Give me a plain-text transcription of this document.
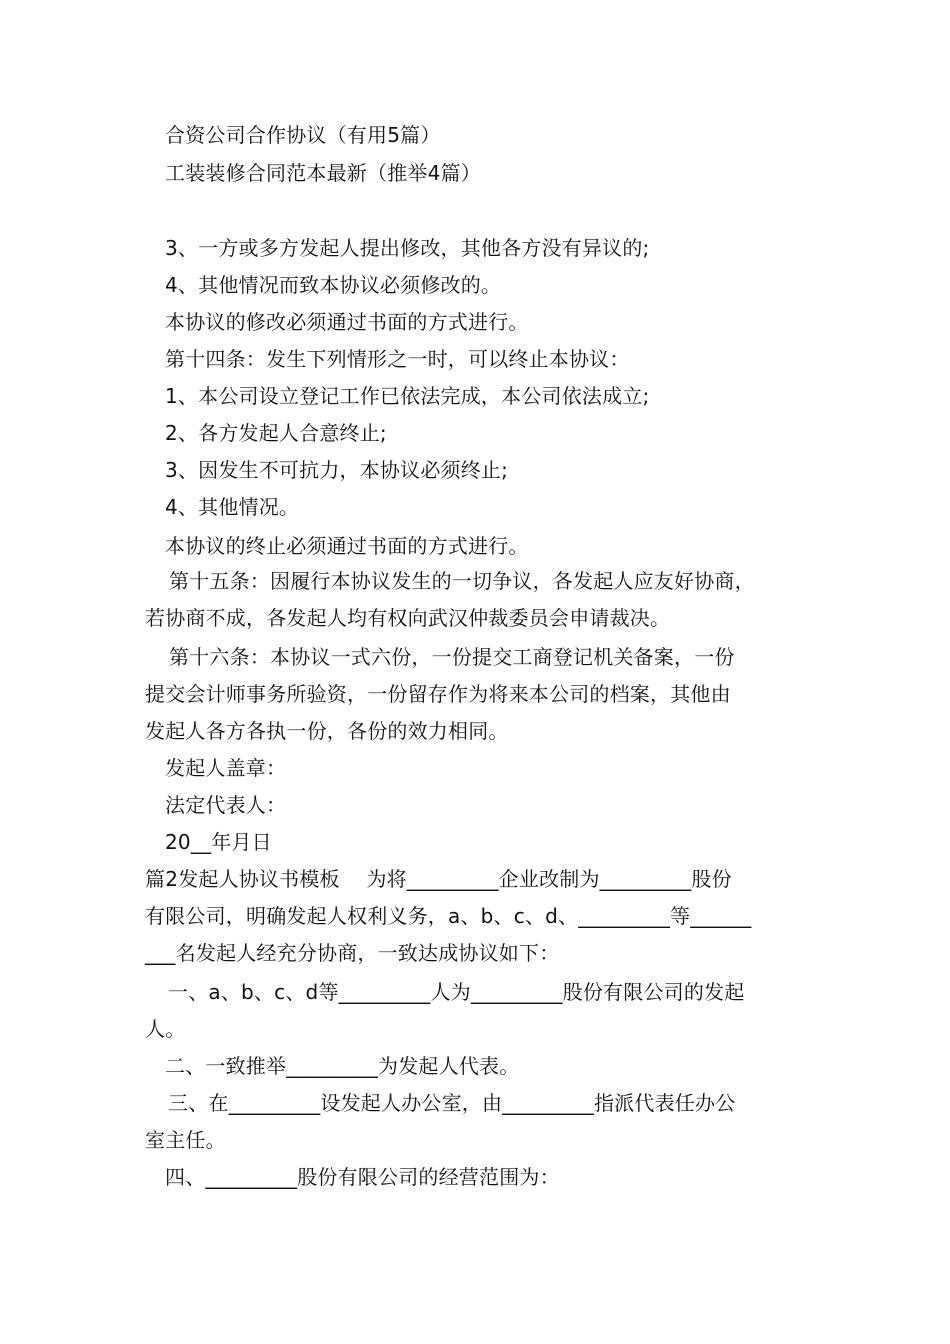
合资公司合作协议（有用5篇）
工装装修合同范本最新（推举4篇）
3、一方或多方发起人提出修改，其他各方没有异议的;
4、其他情况而致本协议必须修改的。
本协议的修改必须通过书面的方式进行。
第十四条：发生下列情形之一时，可以终止本协议：
1、本公司设立登记工作已依法完成，本公司依法成立;
2、各方发起人合意终止;
3、因发生不可抗力，本协议必须终止;
4、其他情况。
本协议的终止必须通过书面的方式进行。
第十五条：因履行本协议发生的一切争议，各发起人应友好协商，
若协商不成，各发起人均有权向武汉仲裁委员会申请裁决。
第十六条：本协议一式六份，一份提交工商登记机关备案，一份
提交会计师事务所验资，一份留存作为将来本公司的档案，其他由
发起人各方各执一份，各份的效力相同。
发起人盖章：
法定代表人：
20__年月日
篇2发起人协议书模板　 为将_________企业改制为_________股份
有限公司，明确发起人权利义务，a、b、c、d、_________等______
___名发起人经充分协商，一致达成协议如下：
一、a、b、c、d等_________人为_________股份有限公司的发起
人。
二、一致推举_________为发起人代表。
三、在_________设发起人办公室，由_________指派代表任办公
室主任。
四、_________股份有限公司的经营范围为：
